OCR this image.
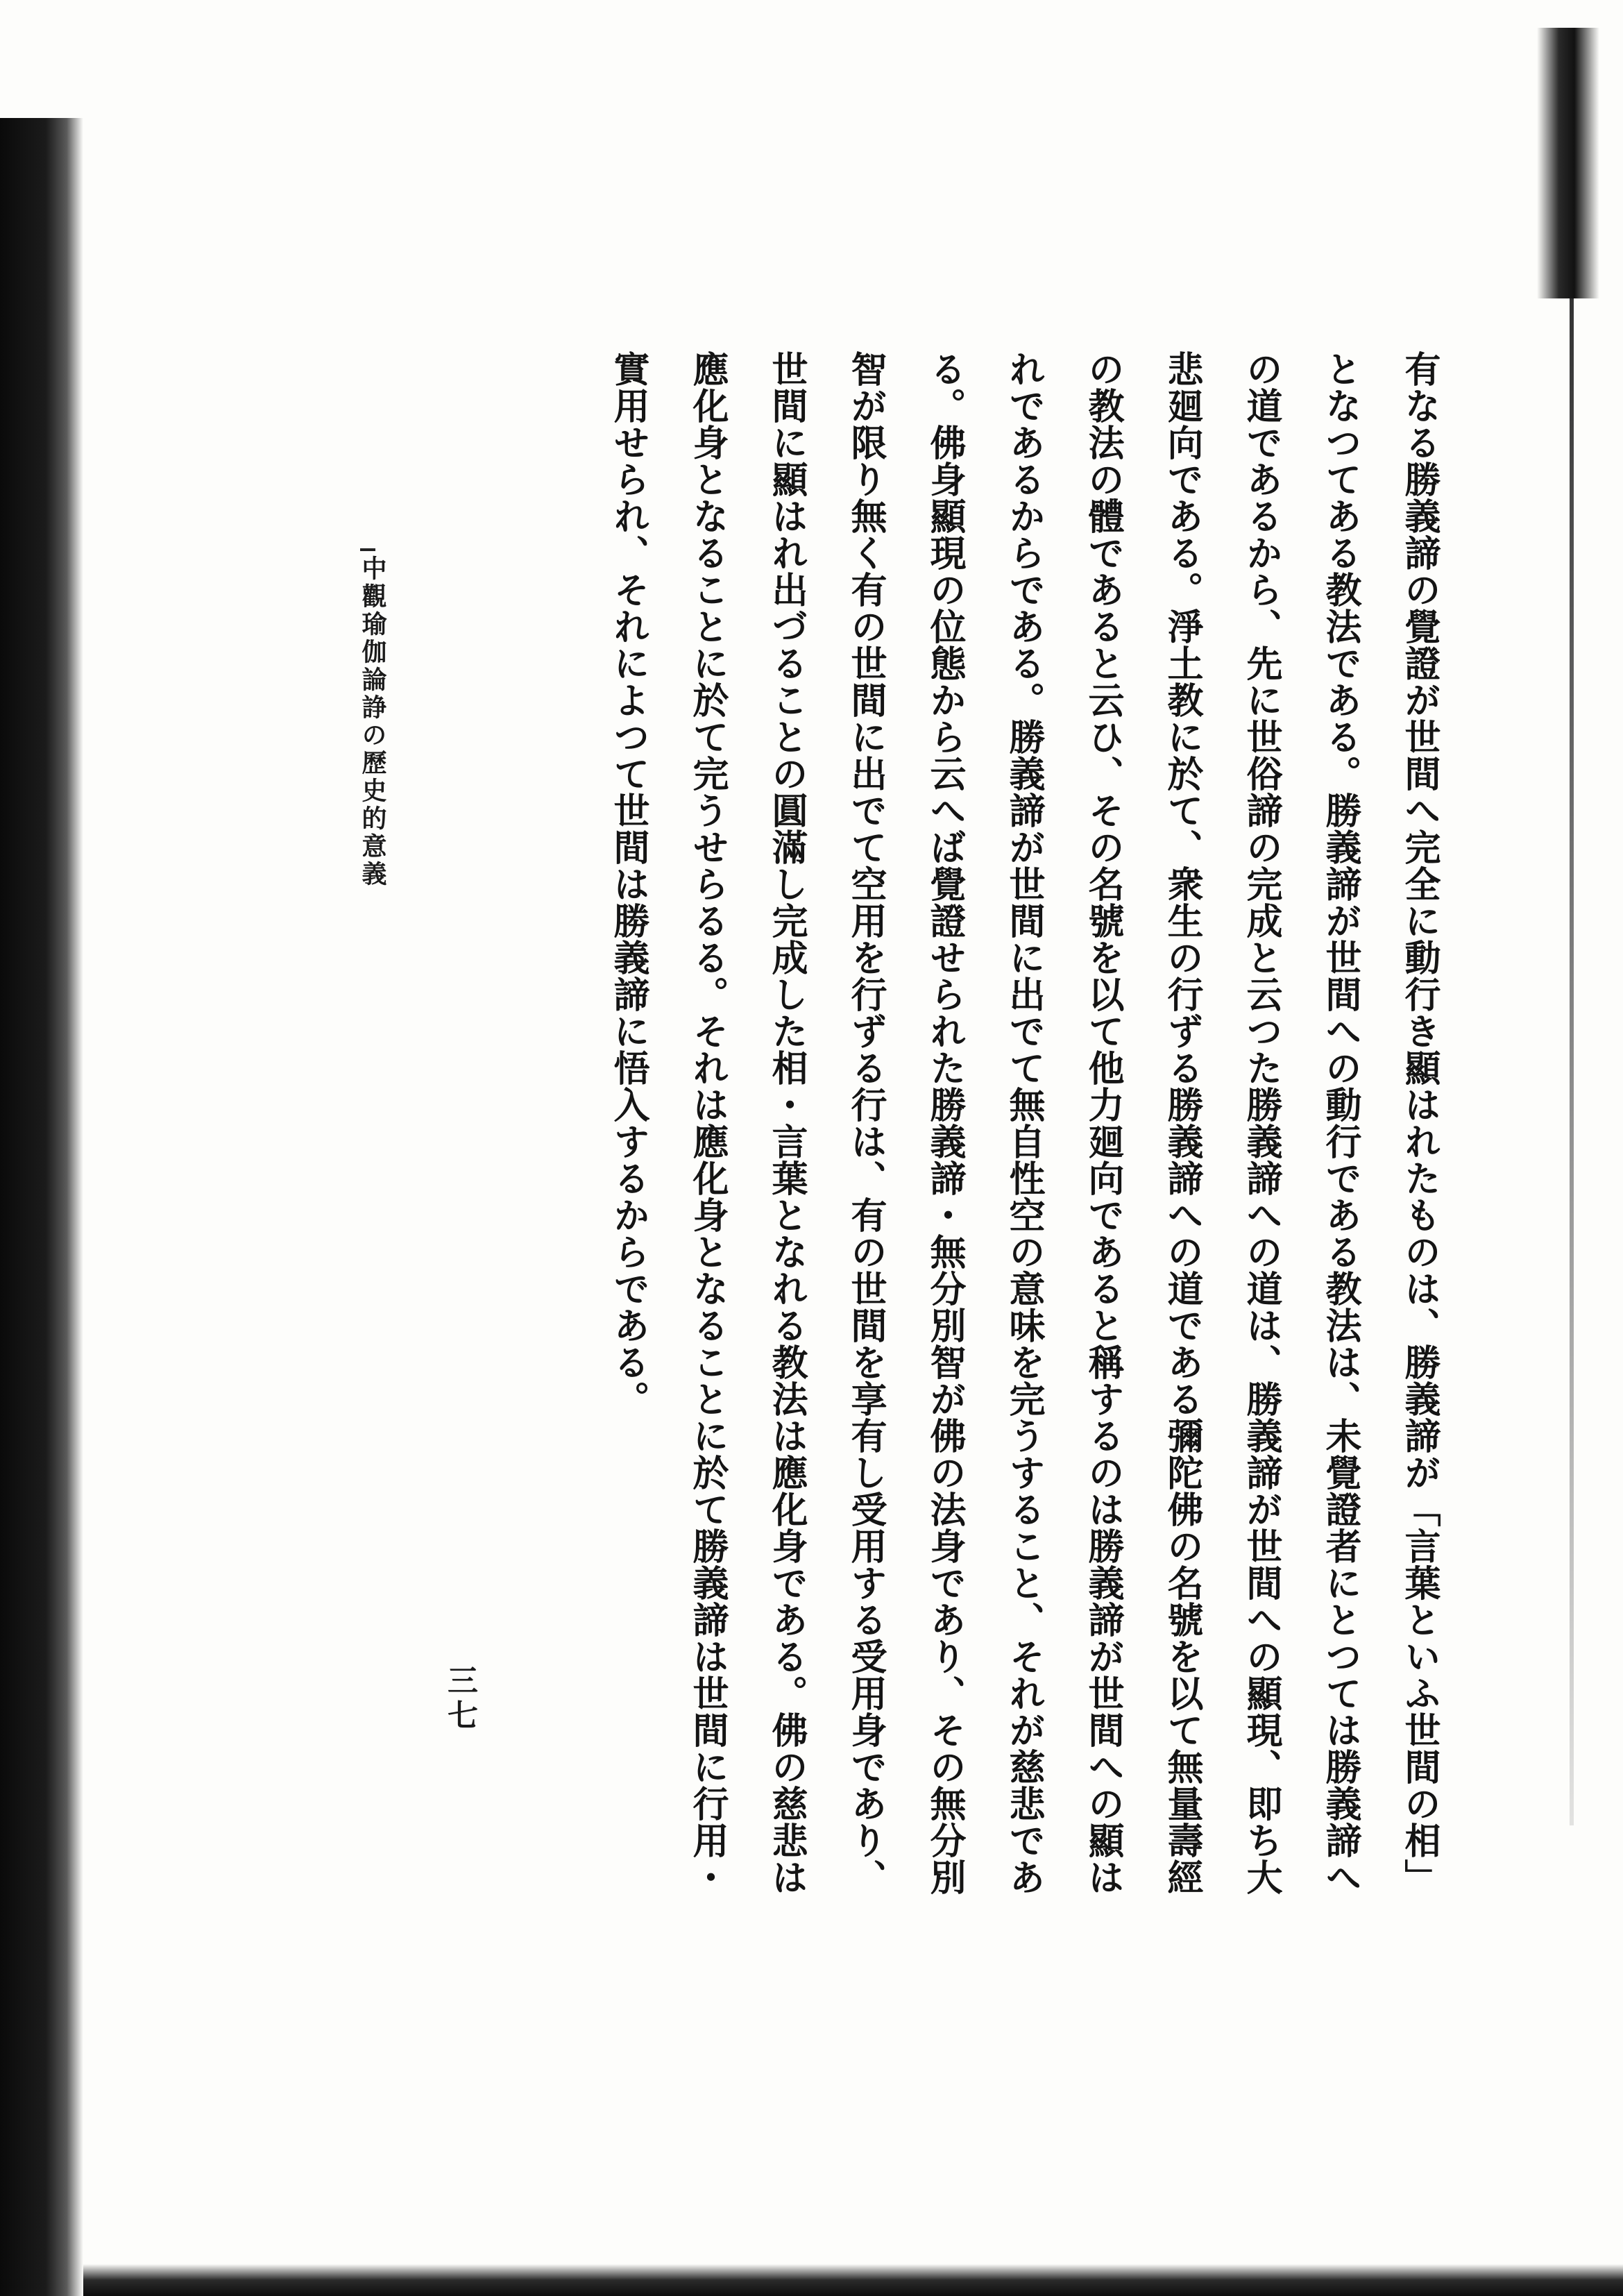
有なる勝義諦の覺證が世間へ完全に動行き顯はれたものは、勝義諦が「言葉といふ世間の相」
となつてある教法である。勝義諦が世間への動行である教法は、未覺證者にとつては勝義諦へ
の道であるから、先に世俗諦の完成と云つた勝義諦への道は、勝義諦が世間への顯現、即ち大
悲廻向である。淨土教に於て、衆生の行ずる勝義諦への道である彌陀佛の名號を以て無量壽經
の教法の體であると云ひ、その名號を以て他力廻向であると稱するのは勝義諦が世間への顯は
れであるからである。勝義諦が世間に出でて無自性空の意味を完うすること、それが慈悲であ
る。佛身顯現の位態から云へば覺證せられた勝義諦・無分別智が佛の法身であり、その無分別
智が限り無く有の世間に出でて空用を行ずる行は、有の世間を享有し受用する受用身であり、
世間に顯はれ出づることの圓滿し完成した相・言葉となれる教法は應化身である。佛の慈悲は
應化身となることに於て完うせらるる。それは應化身となることに於て勝義諦は世間に行用・
實用せられ、それによつて世間は勝義諦に悟入するからである。
中觀瑜伽論諍の歷史的意義
三七
